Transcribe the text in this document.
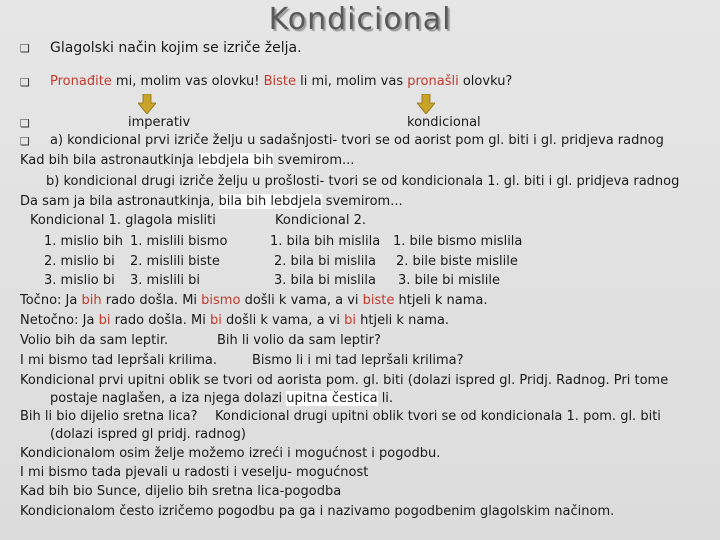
Kondicional
❑ Glagolski način kojim se izriče želja.
❑ Pronađite mi, molim vas olovku! Biste li mi, molim vas pronašli olovku?
❑	imperativ	kondicional
❑ a) kondicional prvi izriče želju u sadašnjosti- tvori se od aorist pom gl. biti i gl. pridjeva radnog
Kad bih bila astronautkinja lebdjela bih svemirom...
b) kondicional drugi izriče želju u prošlosti- tvori se od kondicionala 1. gl. biti i gl. pridjeva radnog
Da sam ja bila astronautkinja, bila bih lebdjela svemirom...
Kondicional 1. glagola misliti	Kondicional 2.
1. mislio bih 1. mislili bismo	1. bila bih mislila 1. bile bismo mislila
2. mislio bi 2. mislili biste	2. bila bi mislila 2. bile biste mislile
3. mislio bi 3. mislili bi	3. bila bi mislila 3. bile bi mislile
Točno: Ja bih rado došla. Mi bismo došli k vama, a vi biste htjeli k nama.
Netočno: Ja bi rado došla. Mi bi došli k vama, a vi bi htjeli k nama.
Volio bih da sam leptir.	Bih li volio da sam leptir?
I mi bismo tad lepršali krilima.	Bismo li i mi tad lepršali krilima?
Kondicional prvi upitni oblik se tvori od aorista pom. gl. biti (dolazi ispred gl. Pridj. Radnog. Pri tome
postaje naglašen, a iza njega dolazi upitna čestica li.
Bih li bio dijelio sretna lica? Kondicional drugi upitni oblik tvori se od kondicionala 1. pom. gl. biti
(dolazi ispred gl pridj. radnog)
Kondicionalom osim želje možemo izreći i mogućnost i pogodbu.
I mi bismo tada pjevali u radosti i veselju- mogućnost
Kad bih bio Sunce, dijelio bih sretna lica-pogodba
Kondicionalom često izričemo pogodbu pa ga i nazivamo pogodbenim glagolskim načinom.
